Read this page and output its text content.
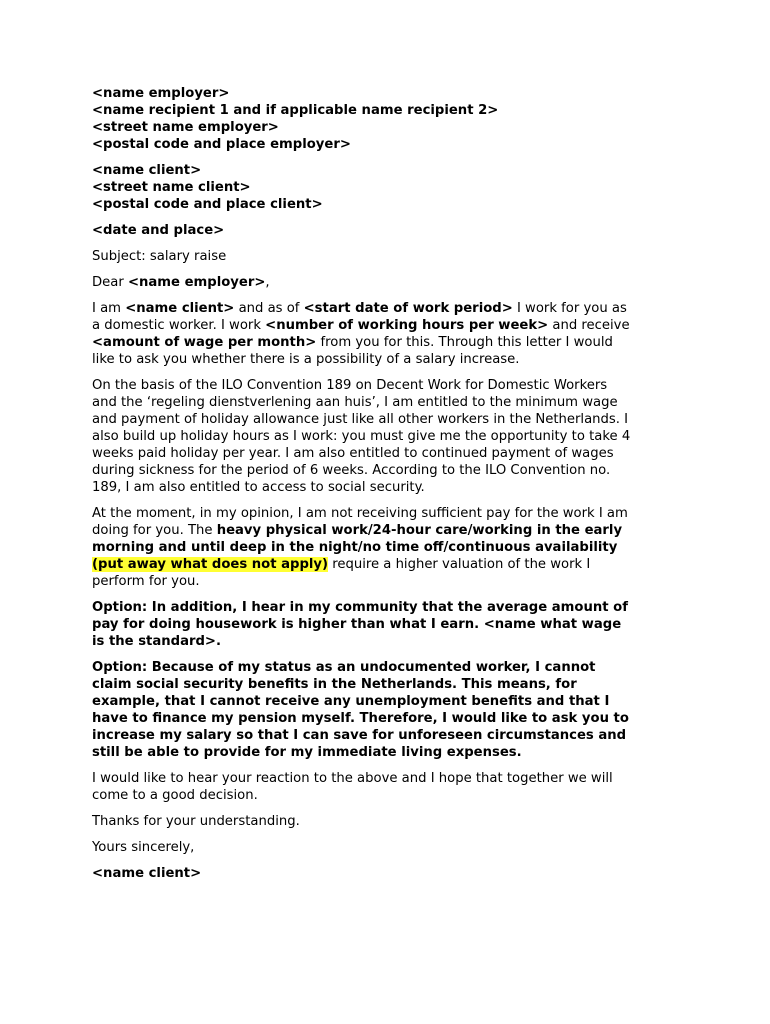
<name employer>
<name recipient 1 and if applicable name recipient 2>
<street name employer>
<postal code and place employer>
<name client>
<street name client>
<postal code and place client>
<date and place>
Subject: salary raise
Dear <name employer>,
I am <name client> and as of <start date of work period> I work for you as
a domestic worker. I work <number of working hours per week> and receive
<amount of wage per month> from you for this. Through this letter I would
like to ask you whether there is a possibility of a salary increase.
On the basis of the ILO Convention 189 on Decent Work for Domestic Workers
and the ‘regeling dienstverlening aan huis’, I am entitled to the minimum wage
and payment of holiday allowance just like all other workers in the Netherlands. I
also build up holiday hours as I work: you must give me the opportunity to take 4
weeks paid holiday per year. I am also entitled to continued payment of wages
during sickness for the period of 6 weeks. According to the ILO Convention no.
189, I am also entitled to access to social security.
At the moment, in my opinion, I am not receiving sufficient pay for the work I am
doing for you. The heavy physical work/24-hour care/working in the early
morning and until deep in the night/no time off/continuous availability
(put away what does not apply) require a higher valuation of the work I
perform for you.
Option: In addition, I hear in my community that the average amount of
pay for doing housework is higher than what I earn. <name what wage
is the standard>.
Option: Because of my status as an undocumented worker, I cannot
claim social security benefits in the Netherlands. This means, for
example, that I cannot receive any unemployment benefits and that I
have to finance my pension myself. Therefore, I would like to ask you to
increase my salary so that I can save for unforeseen circumstances and
still be able to provide for my immediate living expenses.
I would like to hear your reaction to the above and I hope that together we will
come to a good decision.
Thanks for your understanding.
Yours sincerely,
<name client>
